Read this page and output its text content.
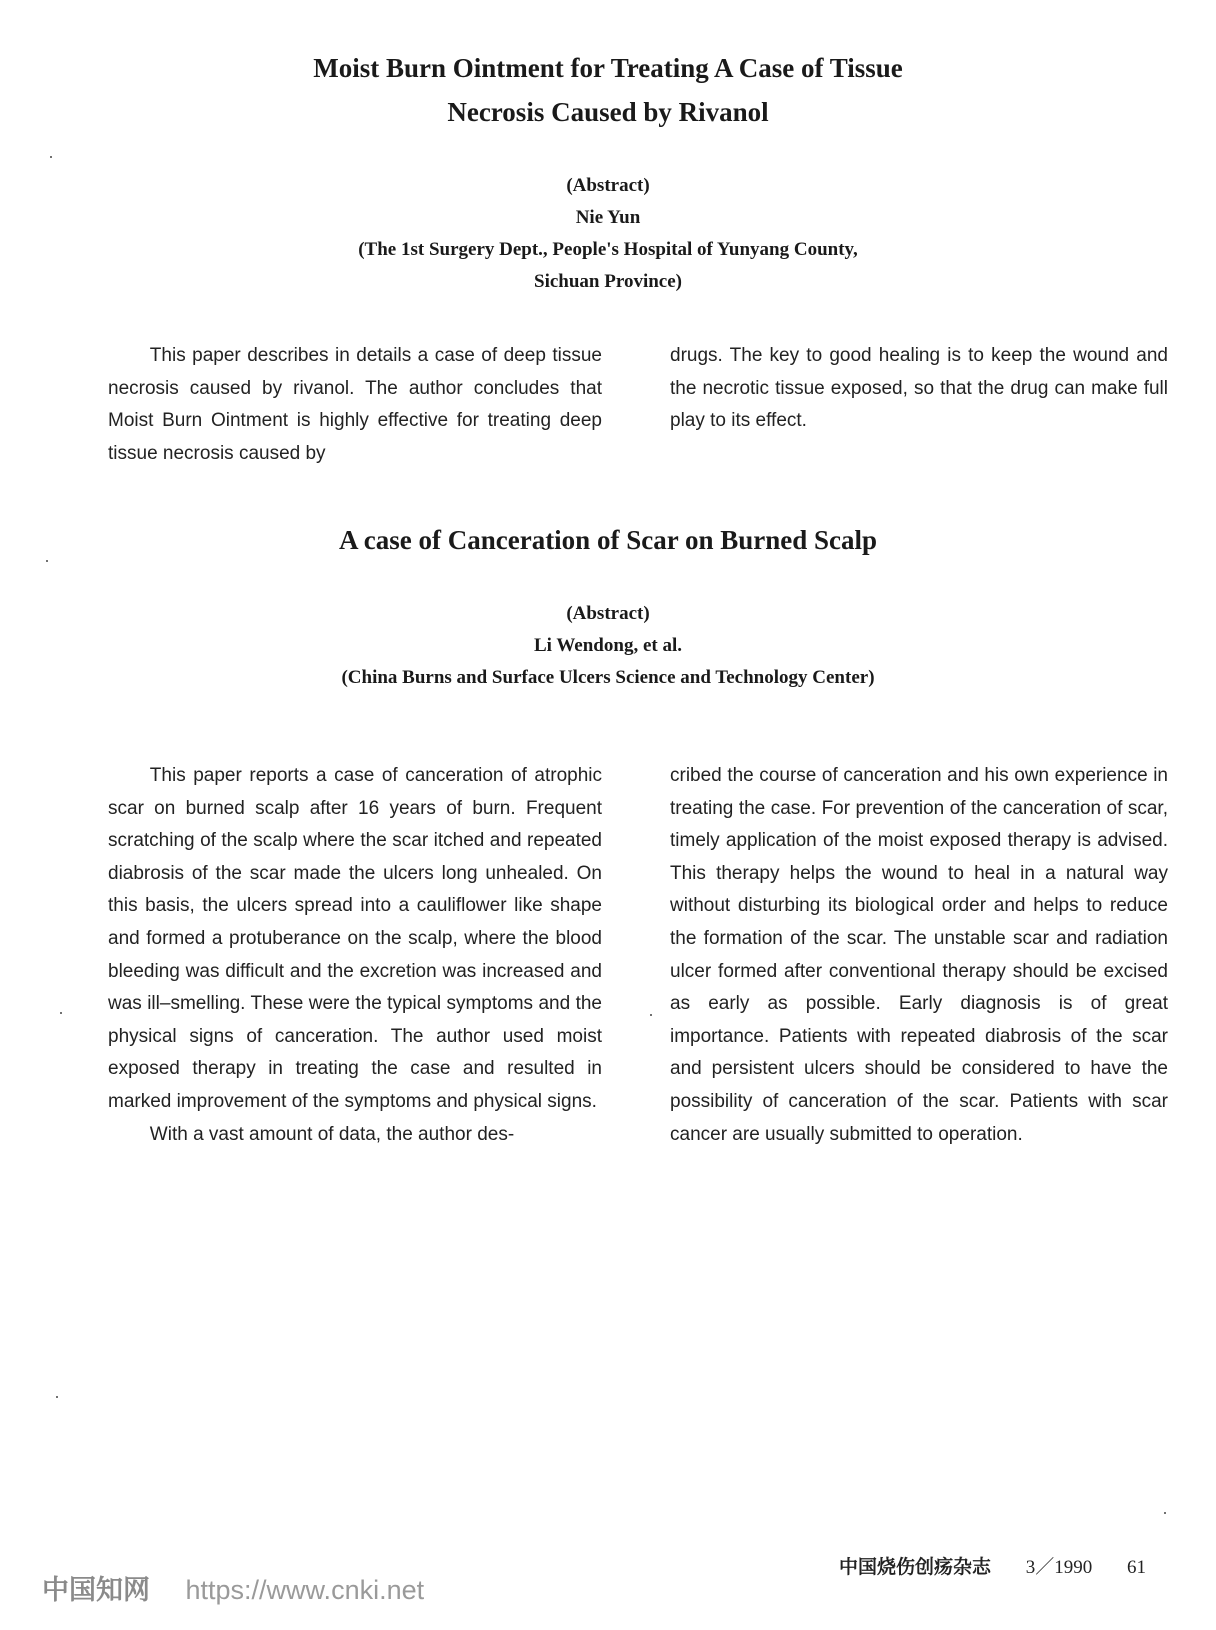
Moist Burn Ointment for Treating A Case of Tissue
Necrosis Caused by Rivanol
(Abstract)
Nie Yun
(The 1st Surgery Dept., People's Hospital of Yunyang County,
Sichuan Province)

This paper describes in details a case of deep tissue necrosis caused by rivanol. The author concludes that Moist Burn Ointment is highly effective for treating deep tissue necrosis caused by

drugs. The key to good healing is to keep the wound and the necrotic tissue exposed, so that the drug can make full play to its effect.

A case of Canceration of Scar on Burned Scalp
(Abstract)
Li Wendong, et al.
(China Burns and Surface Ulcers Science and Technology Center)

This paper reports a case of canceration of atrophic scar on burned scalp after 16 years of burn. Frequent scratching of the scalp where the scar itched and repeated diabrosis of the scar made the ulcers long unhealed. On this basis, the ulcers spread into a cauliflower like shape and formed a protuberance on the scalp, where the blood bleeding was difficult and the excretion was increased and was ill–smelling. These were the typical symptoms and the physical signs of canceration. The author used moist exposed therapy in treating the case and resulted in marked improvement of the symptoms and physical signs.

With a vast amount of data, the author des-

cribed the course of canceration and his own experience in treating the case. For prevention of the canceration of scar, timely application of the moist exposed therapy is advised. This therapy helps the wound to heal in a natural way without disturbing its biological order and helps to reduce the formation of the scar. The unstable scar and radiation ulcer formed after conventional therapy should be excised as early as possible. Early diagnosis is of great importance. Patients with repeated diabrosis of the scar and persistent ulcers should be considered to have the possibility of canceration of the scar. Patients with scar cancer are usually submitted to operation.

中国烧伤创疡杂志 3／1990 61
中国知网 https://www.cnki.net
